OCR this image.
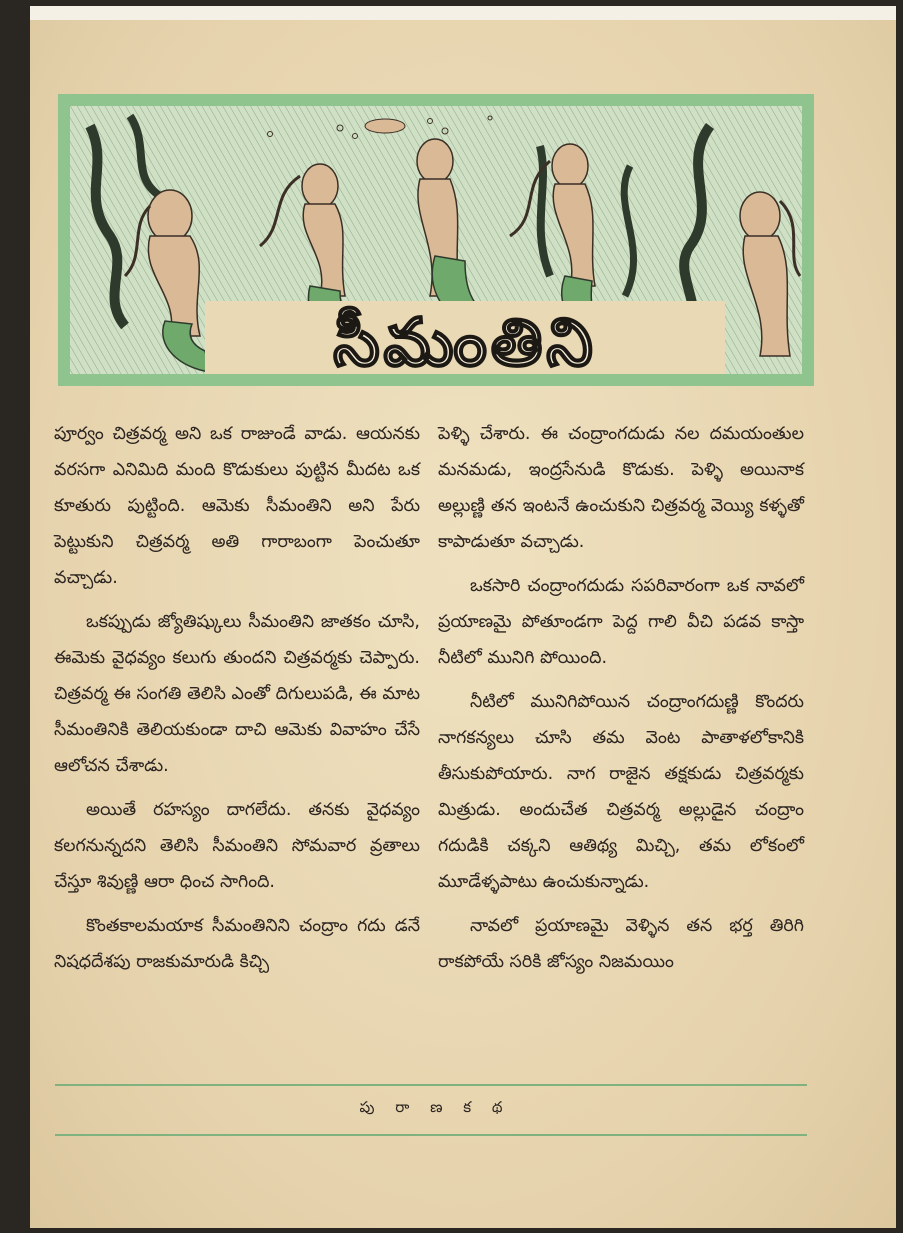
సీమంతిని

పూర్వం చిత్రవర్మ అని ఒక రాజుండే వాడు. ఆయనకు వరసగా ఎనిమిది మంది కొడుకులు పుట్టిన మీదట ఒక కూతురు పుట్టింది. ఆమెకు సీమంతిని అని పేరు పెట్టుకుని చిత్రవర్మ అతి గారాబంగా పెంచుతూ వచ్చాడు.

ఒకప్పుడు జ్యోతిష్కులు సీమంతిని జాతకం చూసి, ఈమెకు వైధవ్యం కలుగు తుందని చిత్రవర్మకు చెప్పారు. చిత్రవర్మ ఈ సంగతి తెలిసి ఎంతో దిగులుపడి, ఈ మాట సీమంతినికి తెలియకుండా దాచి ఆమెకు వివాహం చేసే ఆలోచన చేశాడు.

అయితే రహస్యం దాగలేదు. తనకు వైధవ్యం కలగనున్నదని తెలిసి సీమంతిని సోమవార వ్రతాలు చేస్తూ శివుణ్ణి ఆరా ధించ సాగింది.

కొంతకాలమయాక సీమంతినిని చంద్రాం గదు డనే నిషధదేశపు రాజకుమారుడి కిచ్చి

పెళ్ళి చేశారు. ఈ చంద్రాంగదుడు నల దమయంతుల మనమడు, ఇంద్రసేనుడి కొడుకు. పెళ్ళి అయినాక అల్లుణ్ణి తన ఇంటనే ఉంచుకుని చిత్రవర్మ వెయ్యి కళ్ళతో కాపాడుతూ వచ్చాడు.

ఒకసారి చంద్రాంగదుడు సపరివారంగా ఒక నావలో ప్రయాణమై పోతూండగా పెద్ద గాలి వీచి పడవ కాస్తా నీటిలో మునిగి పోయింది.

నీటిలో మునిగిపోయిన చంద్రాంగదుణ్ణి కొందరు నాగకన్యలు చూసి తమ వెంట పాతాళలోకానికి తీసుకుపోయారు. నాగ రాజైన తక్షకుడు చిత్రవర్మకు మిత్రుడు. అందుచేత చిత్రవర్మ అల్లుడైన చంద్రాం గదుడికి చక్కని ఆతిథ్య మిచ్చి, తమ లోకంలో మూడేళ్ళపాటు ఉంచుకున్నాడు.

నావలో ప్రయాణమై వెళ్ళిన తన భర్త తిరిగి రాకపోయే సరికి జోస్యం నిజమయిం

పు రా ణ క థ
